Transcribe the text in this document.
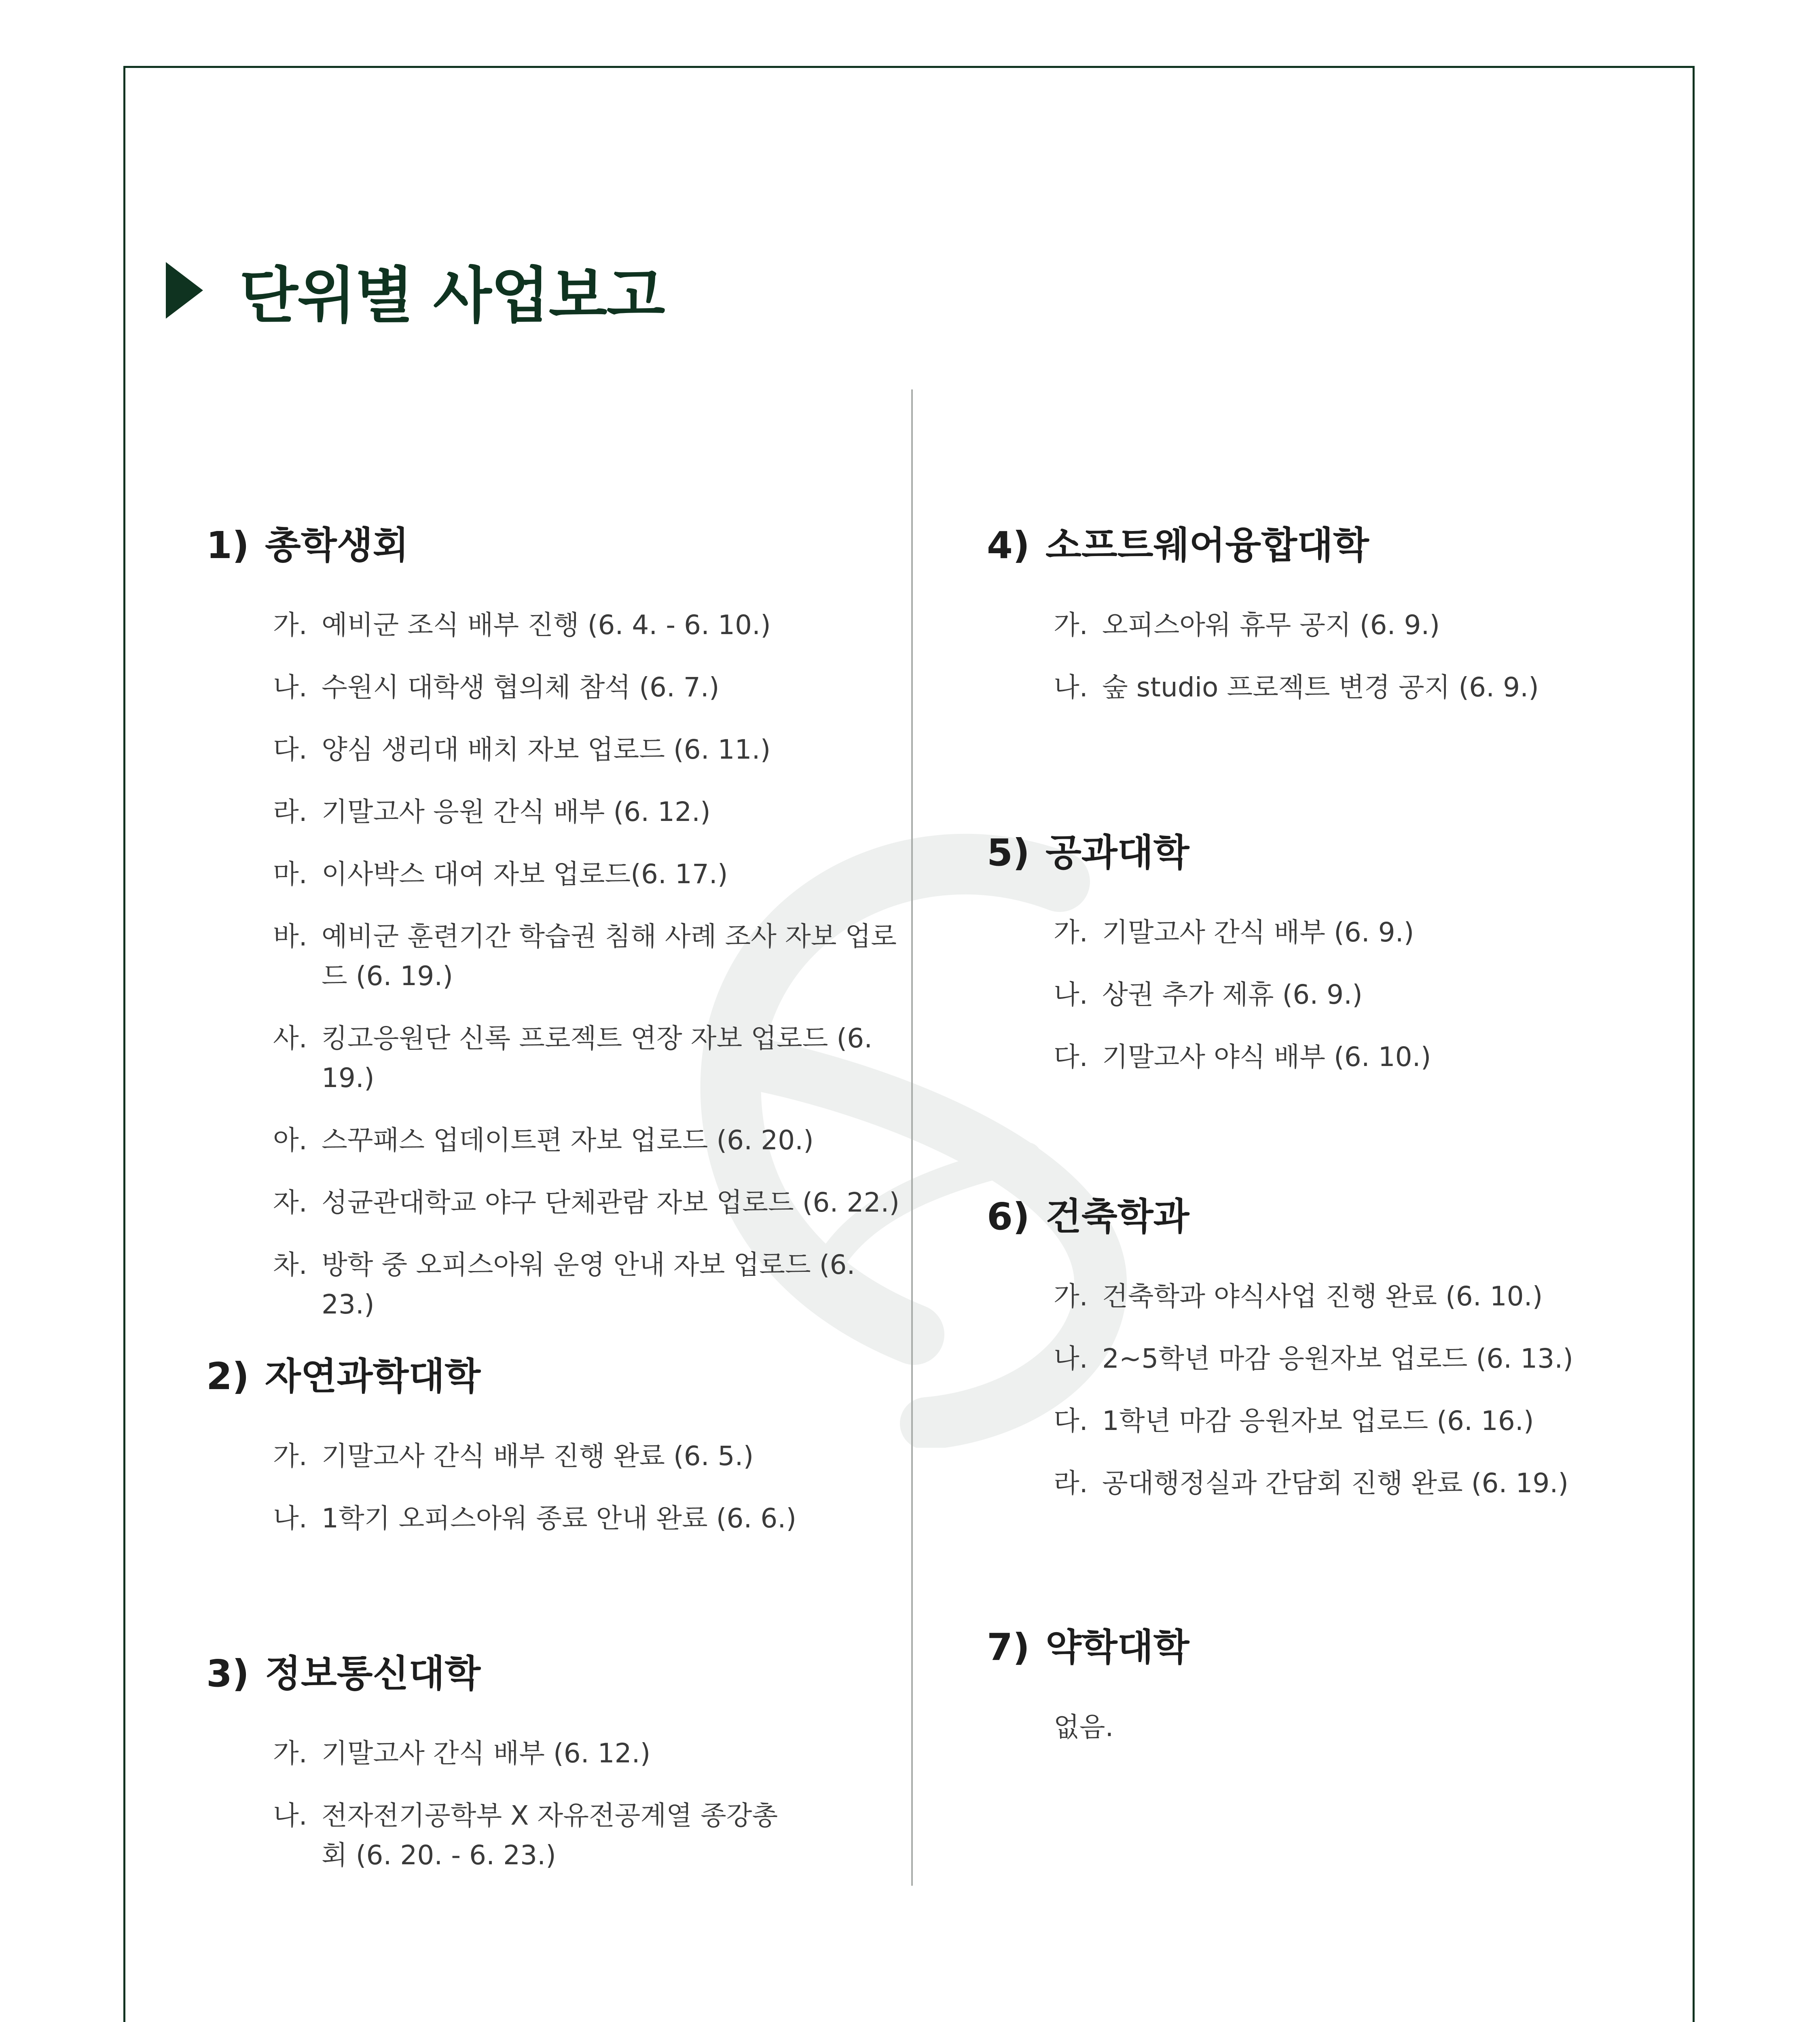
단위별 사업보고
1) 총학생회
가. 예비군 조식 배부 진행 (6. 4. - 6. 10.)
나. 수원시 대학생 협의체 참석 (6. 7.)
다. 양심 생리대 배치 자보 업로드 (6. 11.)
라. 기말고사 응원 간식 배부 (6. 12.)
마. 이사박스 대여 자보 업로드(6. 17.)
바. 예비군 훈련기간 학습권 침해 사례 조사 자보 업로드 (6. 19.)
사. 킹고응원단 신록 프로젝트 연장 자보 업로드 (6. 19.)
아. 스꾸패스 업데이트편 자보 업로드 (6. 20.)
자. 성균관대학교 야구 단체관람 자보 업로드 (6. 22.)
차. 방학 중 오피스아워 운영 안내 자보 업로드 (6. 23.)
2) 자연과학대학
가. 기말고사 간식 배부 진행 완료 (6. 5.)
나. 1학기 오피스아워 종료 안내 완료 (6. 6.)
3) 정보통신대학
가. 기말고사 간식 배부 (6. 12.)
나. 전자전기공학부 X 자유전공계열 종강총회 (6. 20. - 6. 23.)
4) 소프트웨어융합대학
가. 오피스아워 휴무 공지 (6. 9.)
나. 숲 studio 프로젝트 변경 공지 (6. 9.)
5) 공과대학
가. 기말고사 간식 배부 (6. 9.)
나. 상권 추가 제휴 (6. 9.)
다. 기말고사 야식 배부 (6. 10.)
6) 건축학과
가. 건축학과 야식사업 진행 완료 (6. 10.)
나. 2~5학년 마감 응원자보 업로드 (6. 13.)
다. 1학년 마감 응원자보 업로드 (6. 16.)
라. 공대행정실과 간담회 진행 완료 (6. 19.)
7) 약학대학
없음.
